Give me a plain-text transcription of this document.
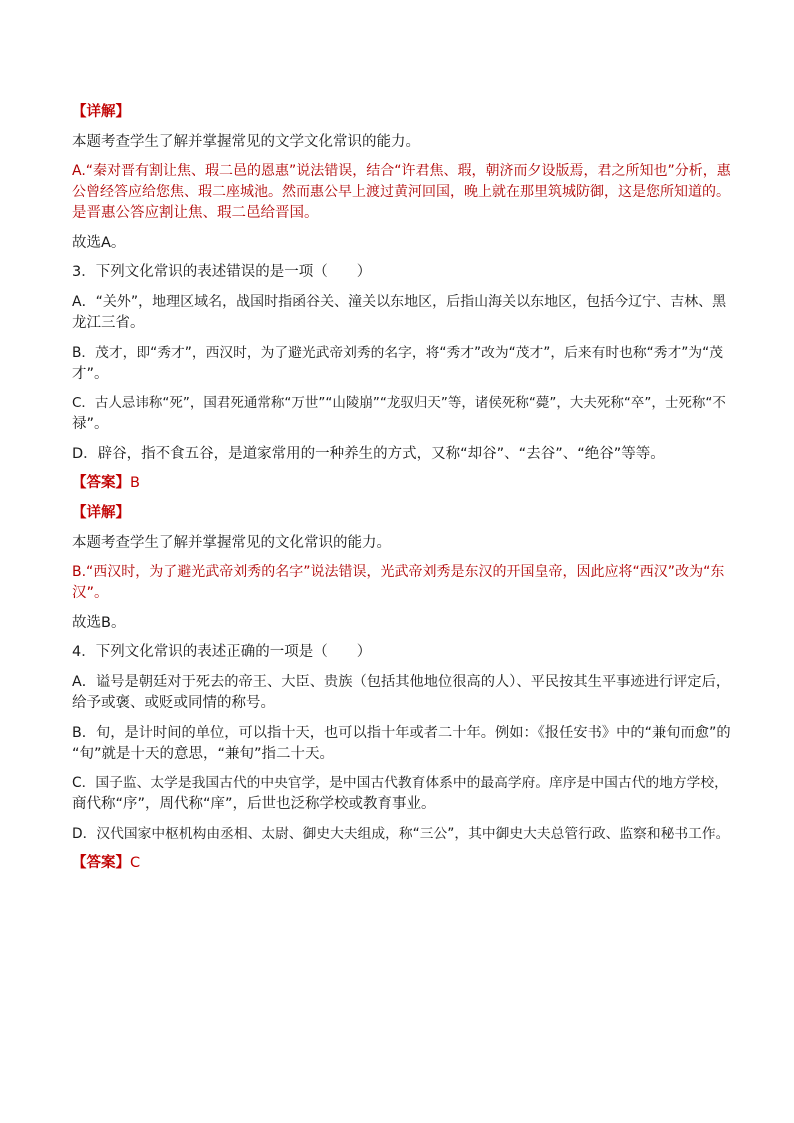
【详解】

本题考查学生了解并掌握常见的文学文化常识的能力。

A.“秦对晋有割让焦、瑕二邑的恩惠”说法错误，结合“许君焦、瑕，朝济而夕设版焉，君之所知也”分析，惠

公曾经答应给您焦、瑕二座城池。然而惠公早上渡过黄河回国，晚上就在那里筑城防御，这是您所知道的。

是晋惠公答应割让焦、瑕二邑给晋国。

故选A。

3．下列文化常识的表述错误的是一项（　　）

A．“关外”，地理区域名，战国时指函谷关、潼关以东地区，后指山海关以东地区，包括今辽宁、吉林、黑

龙江三省。

B．茂才，即“秀才”，西汉时，为了避光武帝刘秀的名字，将“秀才”改为“茂才”，后来有时也称“秀才”为“茂

才”。

C．古人忌讳称“死”，国君死通常称“万世”“山陵崩”“龙驭归天”等，诸侯死称“薨”，大夫死称“卒”，士死称“不

禄”。

D．辟谷，指不食五谷，是道家常用的一种养生的方式，又称“却谷”、“去谷”、“绝谷”等等。

【答案】B

【详解】

本题考查学生了解并掌握常见的文化常识的能力。

B.“西汉时，为了避光武帝刘秀的名字”说法错误，光武帝刘秀是东汉的开国皇帝，因此应将“西汉”改为“东

汉”。

故选B。

4．下列文化常识的表述正确的一项是（　　）

A．谥号是朝廷对于死去的帝王、大臣、贵族（包括其他地位很高的人）、平民按其生平事迹进行评定后，

给予或褒、或贬或同情的称号。

B．旬，是计时间的单位，可以指十天，也可以指十年或者二十年。例如：《报任安书》中的“兼旬而愈”的

“旬”就是十天的意思，“兼旬”指二十天。

C．国子监、太学是我国古代的中央官学，是中国古代教育体系中的最高学府。庠序是中国古代的地方学校，

商代称“序”，周代称“庠”，后世也泛称学校或教育事业。

D．汉代国家中枢机构由丞相、太尉、御史大夫组成，称“三公”，其中御史大夫总管行政、监察和秘书工作。

【答案】C
